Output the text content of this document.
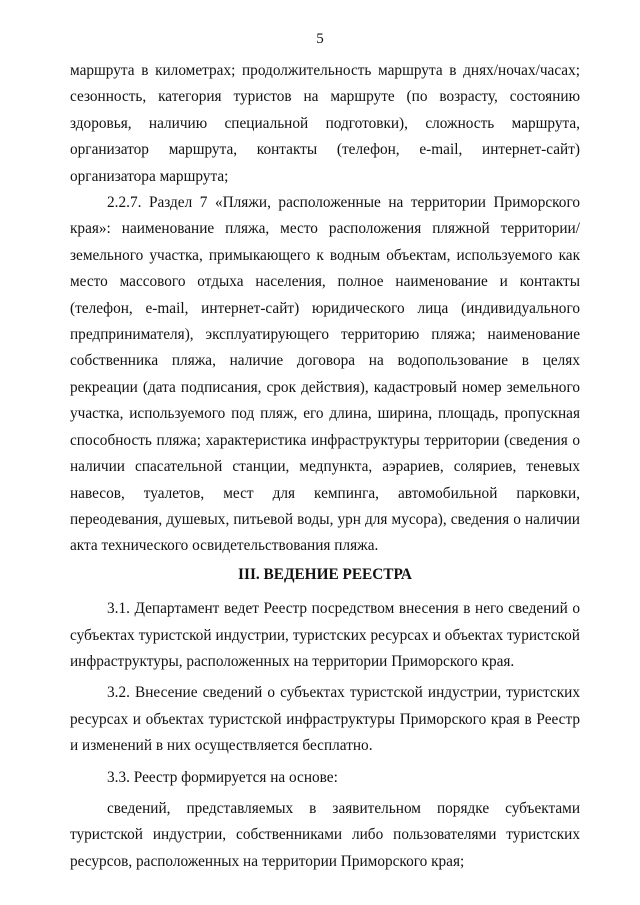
5

маршрута в километрах; продолжительность маршрута в днях/ночах/часах; сезонность, категория туристов на маршруте (по возрасту, состоянию здоровья, наличию специальной подготовки), сложность маршрута, организатор маршрута, контакты (телефон, e-mail, интернет-сайт) организатора маршрута;

2.2.7. Раздел 7 «Пляжи, расположенные на территории Приморского края»: наименование пляжа, место расположения пляжной территории/ земельного участка, примыкающего к водным объектам, используемого как место массового отдыха населения, полное наименование и контакты (телефон, e-mail, интернет-сайт) юридического лица (индивидуального предпринимателя), эксплуатирующего территорию пляжа; наименование собственника пляжа, наличие договора на водопользование в целях рекреации (дата подписания, срок действия), кадастровый номер земельного участка, используемого под пляж, его длина, ширина, площадь, пропускная способность пляжа; характеристика инфраструктуры территории (сведения о наличии спасательной станции, медпункта, аэрариев, соляриев, теневых навесов, туалетов, мест для кемпинга, автомобильной парковки, переодевания, душевых, питьевой воды, урн для мусора), сведения о наличии акта технического освидетельствования пляжа.

III. ВЕДЕНИЕ РЕЕСТРА

3.1. Департамент ведет Реестр посредством внесения в него сведений о субъектах туристской индустрии, туристских ресурсах и объектах туристской инфраструктуры, расположенных на территории Приморского края.

3.2. Внесение сведений о субъектах туристской индустрии, туристских ресурсах и объектах туристской инфраструктуры Приморского края в Реестр и изменений в них осуществляется бесплатно.

3.3. Реестр формируется на основе:

сведений, представляемых в заявительном порядке субъектами туристской индустрии, собственниками либо пользователями туристских ресурсов, расположенных на территории Приморского края;
